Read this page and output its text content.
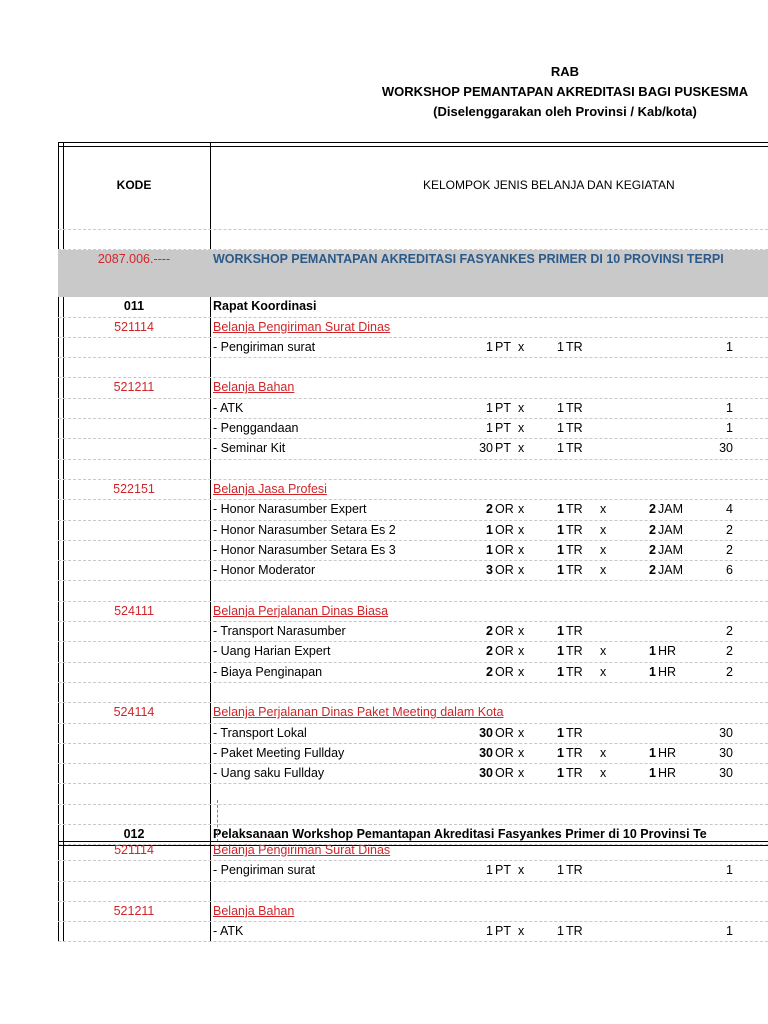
RAB
WORKSHOP PEMANTAPAN AKREDITASI BAGI PUSKESMA
(Diselenggarakan oleh Provinsi / Kab/kota)
KODE	KELOMPOK JENIS BELANJA DAN KEGIATAN
2087.006.----	WORKSHOP PEMANTAPAN AKREDITASI FASYANKES PRIMER DI 10 PROVINSI TERPI
011	Rapat Koordinasi
521114	Belanja Pengiriman Surat Dinas
- Pengiriman surat	1 PT x	1 TR	1
521211	Belanja Bahan
- ATK	1 PT x	1 TR	1
- Penggandaan	1 PT x	1 TR	1
- Seminar Kit	30 PT x	1 TR	30
522151	Belanja Jasa Profesi
- Honor Narasumber Expert	2 OR x	1 TR x	2 JAM	4
- Honor Narasumber Setara Es 2	1 OR x	1 TR x	2 JAM	2
- Honor Narasumber Setara Es 3	1 OR x	1 TR x	2 JAM	2
- Honor Moderator	3 OR x	1 TR x	2 JAM	6
524111	Belanja Perjalanan Dinas Biasa
- Transport Narasumber	2 OR x	1 TR	2
- Uang Harian Expert	2 OR x	1 TR x	1 HR	2
- Biaya Penginapan	2 OR x	1 TR x	1 HR	2
524114	Belanja Perjalanan Dinas Paket Meeting dalam Kota
- Transport Lokal	30 OR x	1 TR	30
- Paket Meeting Fullday	30 OR x	1 TR x	1 HR	30
- Uang saku Fullday	30 OR x	1 TR x	1 HR	30
012	Pelaksanaan Workshop Pemantapan Akreditasi Fasyankes Primer di 10 Provinsi Te
521114	Belanja Pengiriman Surat Dinas
- Pengiriman surat	1 PT x	1 TR	1
521211	Belanja Bahan
- ATK	1 PT x	1 TR	1
